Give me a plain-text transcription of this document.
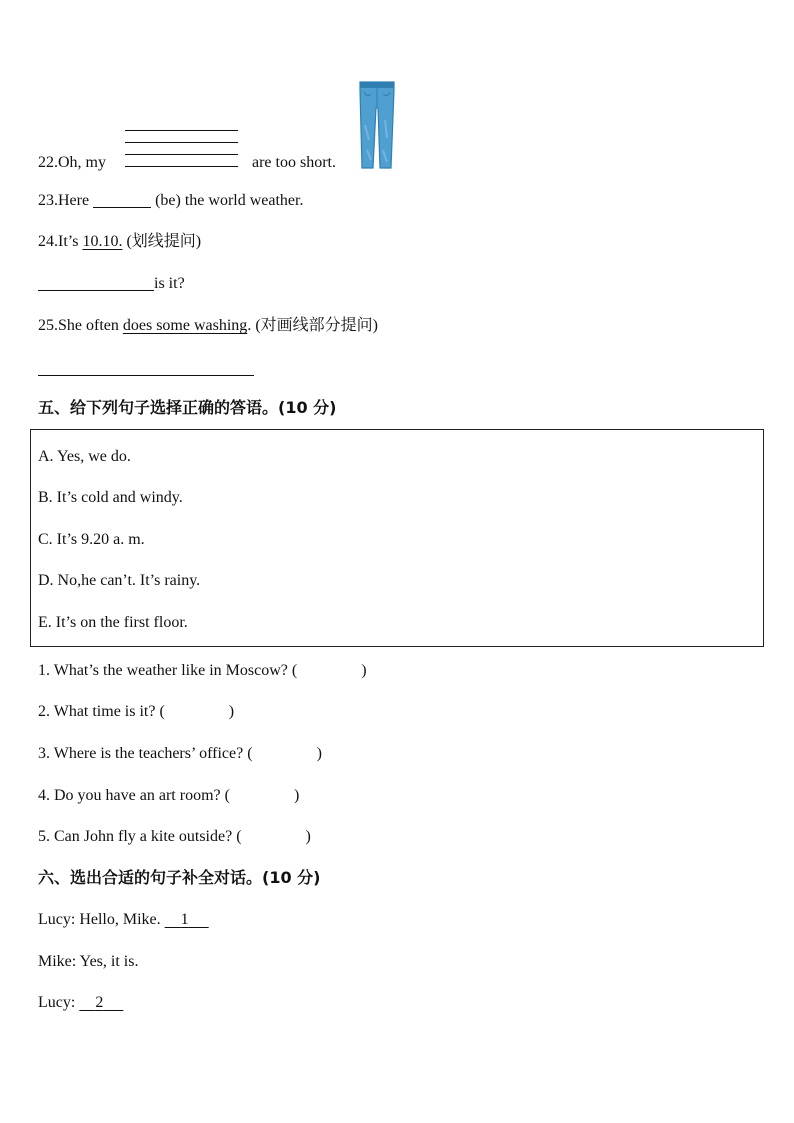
22.Oh, my	are too short.
23.Here	(be) the world weather.
24.It’s 10.10. (划线提问)
is it?
25.She often does some washing. (对画线部分提问)
五、给下列句子选择正确的答语。(10 分)
A. Yes, we do.
B. It’s cold and windy.
C. It’s 9.20 a. m.
D. No,he can’t. It’s rainy.
E. It’s on the first floor.
1. What’s the weather like in Moscow? (　　　　)
2. What time is it? (　　　　)
3. Where is the teachers’ office? (　　　　)
4. Do you have an art room? (　　　　)
5. Can John fly a kite outside? (　　　　)
六、选出合适的句子补全对话。(10 分)
Lucy: Hello, Mike. 1
Mike: Yes, it is.
Lucy: 2
